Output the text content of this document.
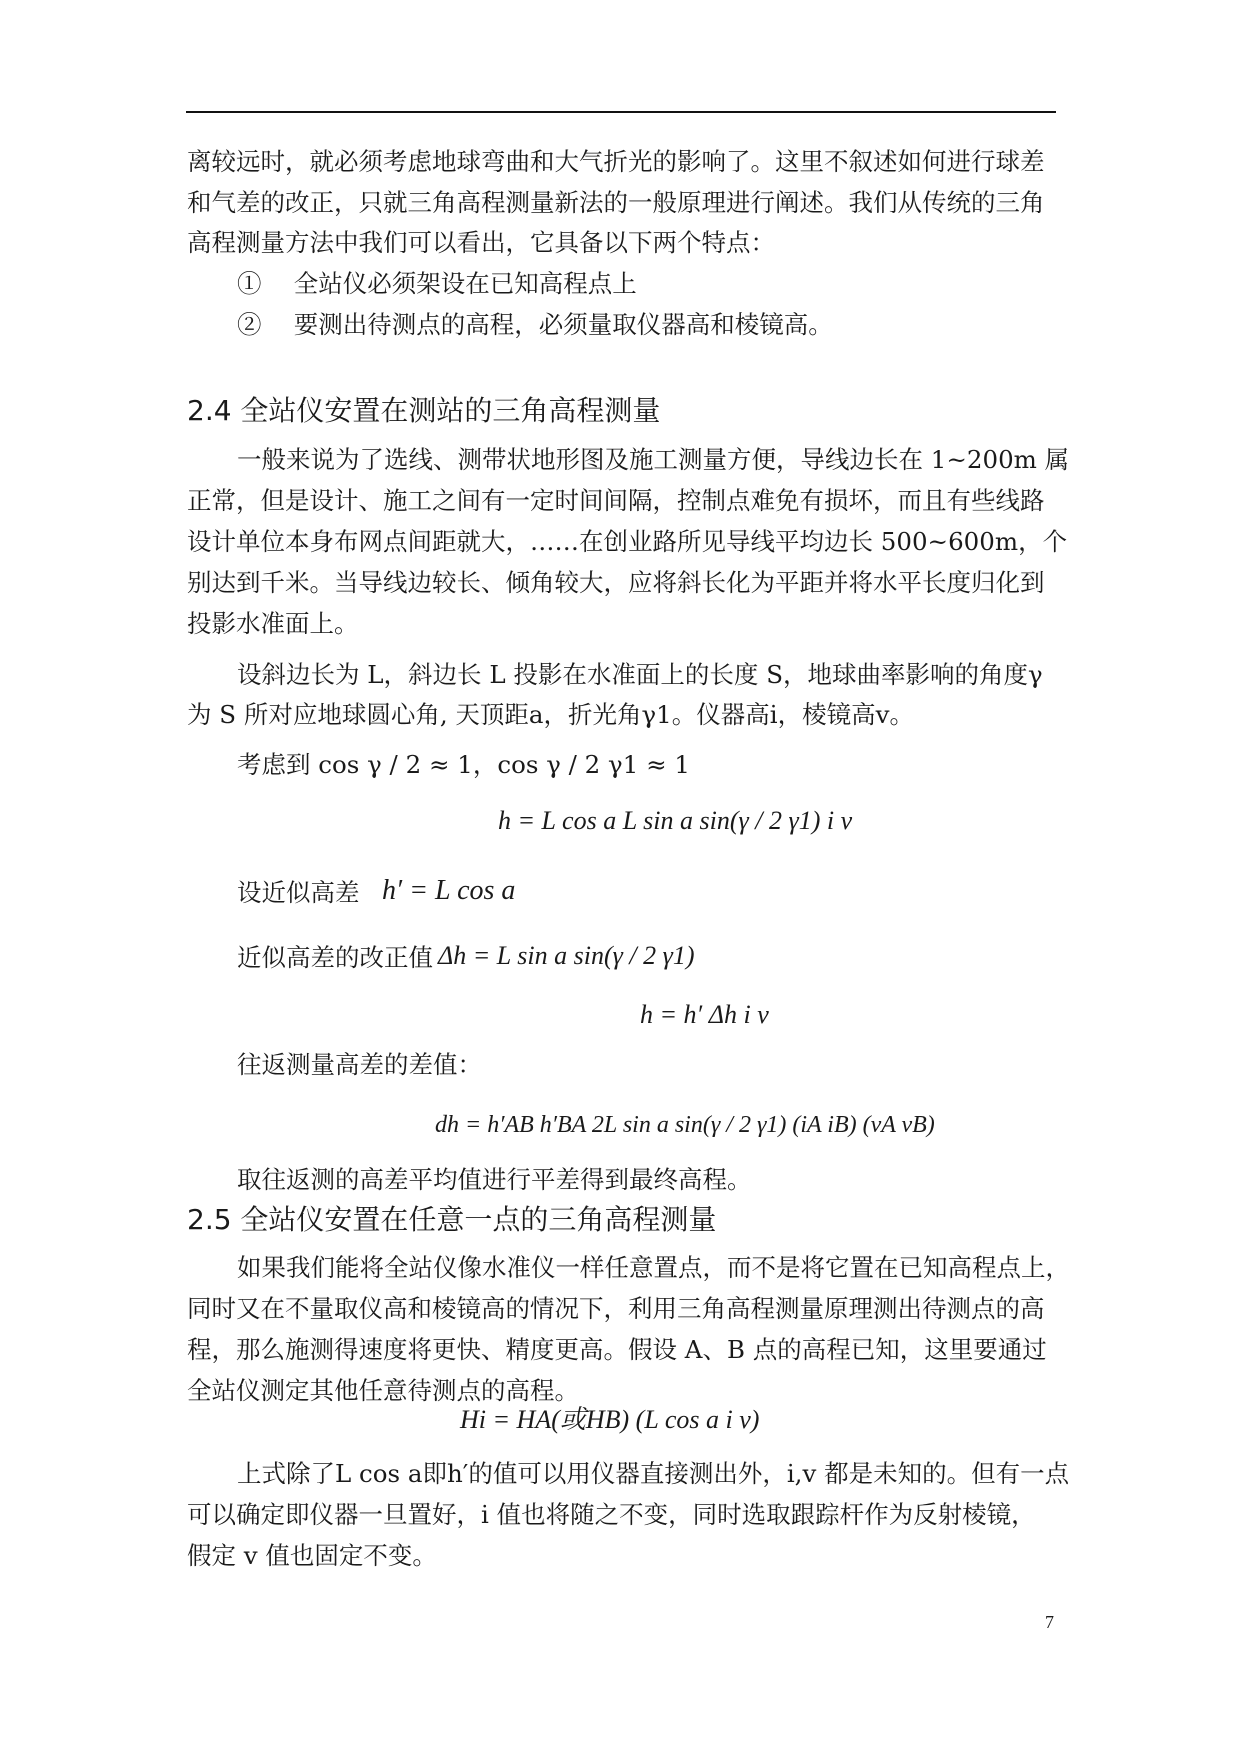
离较远时，就必须考虑地球弯曲和大气折光的影响了。这里不叙述如何进行球差
和气差的改正，只就三角高程测量新法的一般原理进行阐述。我们从传统的三角
高程测量方法中我们可以看出，它具备以下两个特点：
①　 全站仪必须架设在已知高程点上
②　 要测出待测点的高程，必须量取仪器高和棱镜高。
2.4 全站仪安置在测站的三角高程测量
一般来说为了选线、测带状地形图及施工测量方便，导线边长在 1~200m 属
正常，但是设计、施工之间有一定时间间隔，控制点难免有损坏，而且有些线路
设计单位本身布网点间距就大，……在创业路所见导线平均边长 500~600m，个
别达到千米。当导线边较长、倾角较大，应将斜长化为平距并将水平长度归化到
投影水准面上。
设斜边长为 L，斜边长 L 投影在水准面上的长度 S，地球曲率影响的角度γ
为 S 所对应地球圆心角, 天顶距a，折光角γ1。仪器高i，棱镜高v。
考虑到 cos γ / 2 ≈ 1，cos γ / 2 γ1 ≈ 1
h = L cos a L sin a sin(γ / 2 γ1) i v
设近似高差 h′ = L cos a
近似高差的改正值 Δh = L sin a sin(γ / 2 γ1)
h = h′ Δh i v
往返测量高差的差值：
dh = h′AB h′BA 2L sin a sin(γ / 2 γ1) (iA iB) (vA vB)
取往返测的高差平均值进行平差得到最终高程。
2.5 全站仪安置在任意一点的三角高程测量
如果我们能将全站仪像水准仪一样任意置点，而不是将它置在已知高程点上，
同时又在不量取仪高和棱镜高的情况下，利用三角高程测量原理测出待测点的高
程，那么施测得速度将更快、精度更高。假设 A、B 点的高程已知，这里要通过
全站仪测定其他任意待测点的高程。
Hi = HA(或HB) (L cos a i v)
上式除了L cos a即h′的值可以用仪器直接测出外，i,v 都是未知的。但有一点
可以确定即仪器一旦置好，i 值也将随之不变，同时选取跟踪杆作为反射棱镜，
假定 v 值也固定不变。
7
